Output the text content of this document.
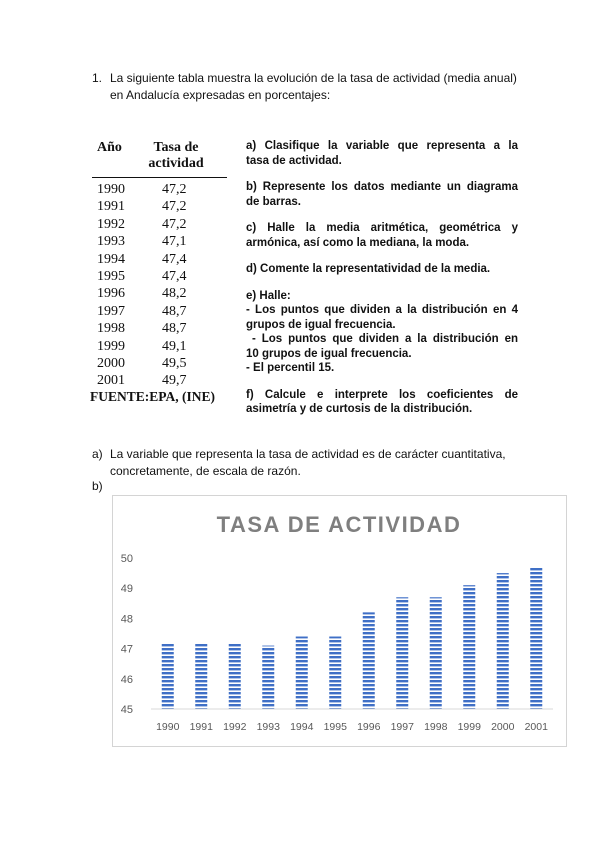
1. La siguiente tabla muestra la evolución de la tasa de actividad (media anual) en Andalucía expresadas en porcentajes:
Año	Tasa de
actividad
1990	47,2
1991	47,2
1992	47,2
1993	47,1
1994	47,4
1995	47,4
1996	48,2
1997	48,7
1998	48,7
1999	49,1
2000	49,5
2001	49,7
FUENTE:EPA, (INE)

a) Clasifique la variable que representa a la

tasa de actividad.

b) Represente los datos mediante un diagrama

de barras.

c) Halle la media aritmética, geométrica y

armónica, así como la mediana, la moda.

d) Comente la representatividad de la media.

e) Halle:

- Los puntos que dividen a la distribución en 4

grupos de igual frecuencia.

- Los puntos que dividen a la distribución en

10 grupos de igual frecuencia.

- El percentil 15.

f) Calcule e interprete los coeficientes de

asimetría y de curtosis de la distribución.

a) La variable que representa la tasa de actividad es de carácter cuantitativa, concretamente, de escala de razón.
b)
TASA DE ACTIVIDAD
45
46
47
48
49
50
1990 1991 1992 1993 1994 1995 1996 1997 1998 1999 2000 2001
